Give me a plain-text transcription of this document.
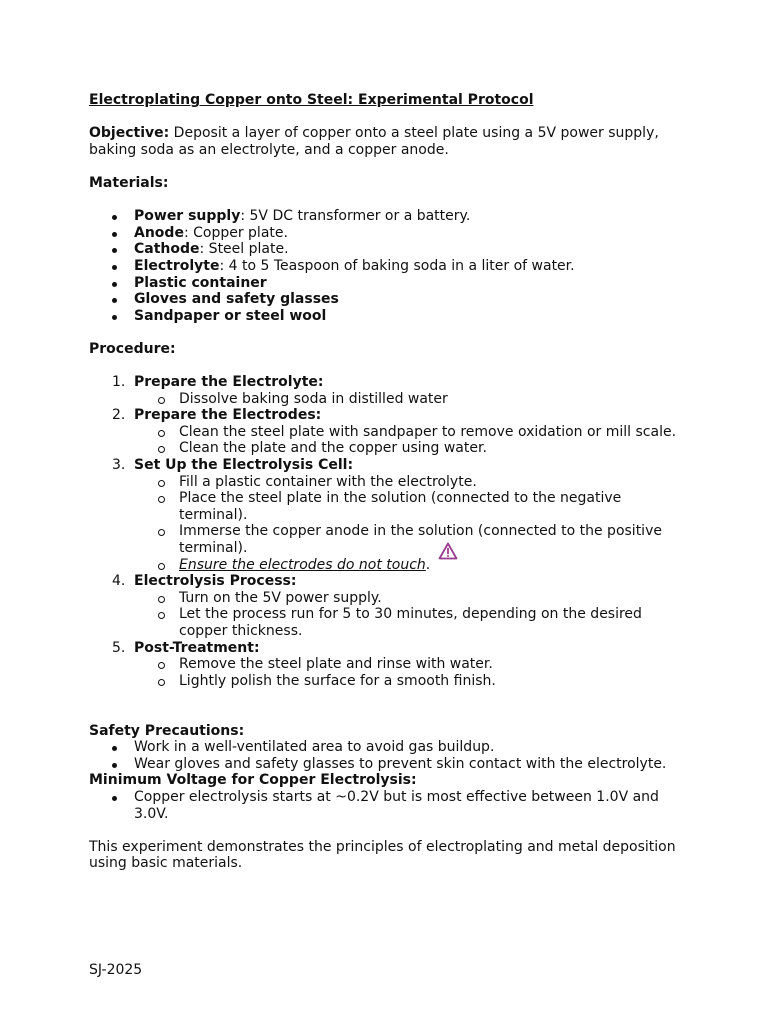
Electroplating Copper onto Steel: Experimental Protocol

Objective: Deposit a layer of copper onto a steel plate using a 5V power supply, baking soda as an electrolyte, and a copper anode.

Materials:

Power supply: 5V DC transformer or a battery.
Anode: Copper plate.
Cathode: Steel plate.
Electrolyte: 4 to 5 Teaspoon of baking soda in a liter of water.
Plastic container
Gloves and safety glasses
Sandpaper or steel wool

Procedure:

1. Prepare the Electrolyte:
Dissolve baking soda in distilled water
2. Prepare the Electrodes:
Clean the steel plate with sandpaper to remove oxidation or mill scale.
Clean the plate and the copper using water.
3. Set Up the Electrolysis Cell:
Fill a plastic container with the electrolyte.
Place the steel plate in the solution (connected to the negative terminal).
Immerse the copper anode in the solution (connected to the positive terminal).
Ensure the electrodes do not touch.
4. Electrolysis Process:
Turn on the 5V power supply.
Let the process run for 5 to 30 minutes, depending on the desired copper thickness.
5. Post-Treatment:
Remove the steel plate and rinse with water.
Lightly polish the surface for a smooth finish.

Safety Precautions:

Work in a well-ventilated area to avoid gas buildup.
Wear gloves and safety glasses to prevent skin contact with the electrolyte.

Minimum Voltage for Copper Electrolysis:

Copper electrolysis starts at ~0.2V but is most effective between 1.0V and 3.0V.

This experiment demonstrates the principles of electroplating and metal deposition using basic materials.

SJ-2025
